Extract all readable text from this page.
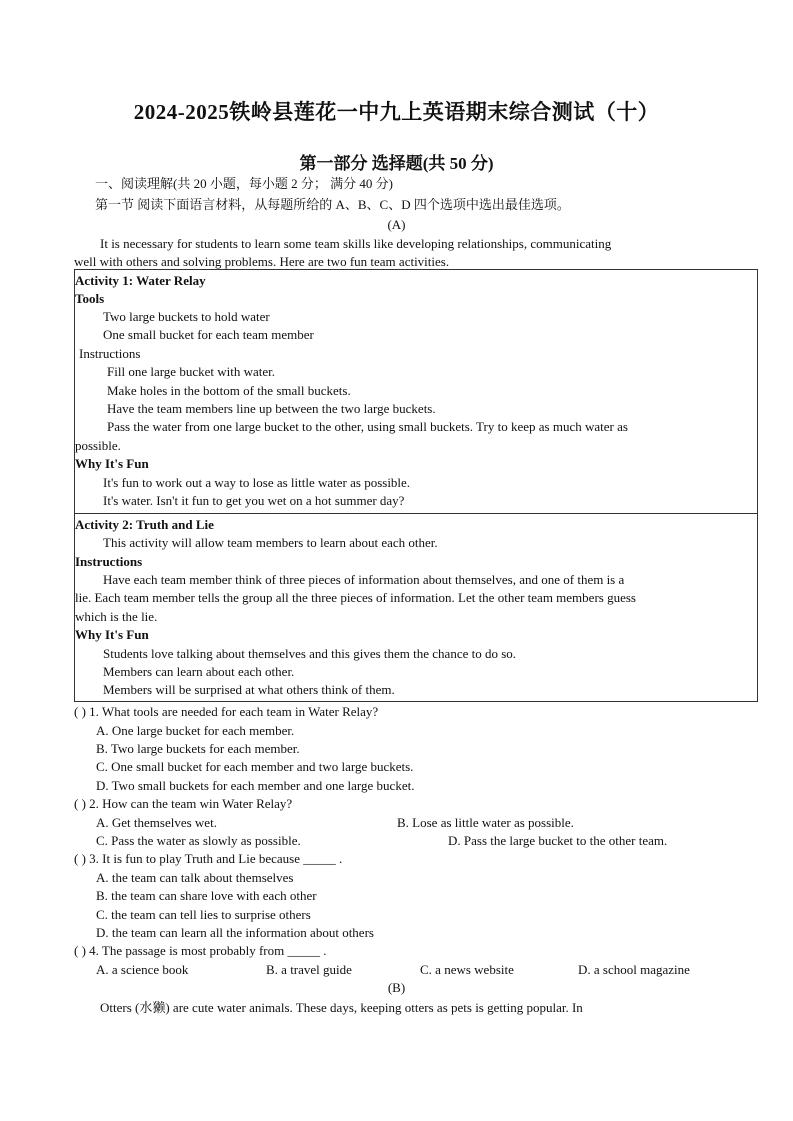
2024-2025铁岭县莲花一中九上英语期末综合测试（十）
第一部分 选择题(共 50 分)
一、阅读理解(共 20 小题，每小题 2 分； 满分 40 分)
第一节 阅读下面语言材料，从每题所给的 A、B、C、D 四个选项中选出最佳选项。
(A)
It is necessary for students to learn some team skills like developing relationships, communicating
well with others and solving problems. Here are two fun team activities.
Activity 1: Water Relay
Tools
Two large buckets to hold water
One small bucket for each team member
Instructions
Fill one large bucket with water.
Make holes in the bottom of the small buckets.
Have the team members line up between the two large buckets.
Pass the water from one large bucket to the other, using small buckets. Try to keep as much water as
possible.
Why It's Fun
It's fun to work out a way to lose as little water as possible.
It's water. Isn't it fun to get you wet on a hot summer day?
Activity 2: Truth and Lie
This activity will allow team members to learn about each other.
Instructions
Have each team member think of three pieces of information about themselves, and one of them is a
lie. Each team member tells the group all the three pieces of information. Let the other team members guess
which is the lie.
Why It's Fun
Students love talking about themselves and this gives them the chance to do so.
Members can learn about each other.
Members will be surprised at what others think of them.
( ) 1. What tools are needed for each team in Water Relay?
A. One large bucket for each member.
B. Two large buckets for each member.
C. One small bucket for each member and two large buckets.
D. Two small buckets for each member and one large bucket.
( ) 2. How can the team win Water Relay?
A. Get themselves wet.	B. Lose as little water as possible.
C. Pass the water as slowly as possible.	D. Pass the large bucket to the other team.
( ) 3. It is fun to play Truth and Lie because _____ .
A. the team can talk about themselves
B. the team can share love with each other
C. the team can tell lies to surprise others
D. the team can learn all the information about others
( ) 4. The passage is most probably from _____ .
A. a science book	B. a travel guide	C. a news website	D. a school magazine
(B)
Otters (水獭) are cute water animals. These days, keeping otters as pets is getting popular. In
